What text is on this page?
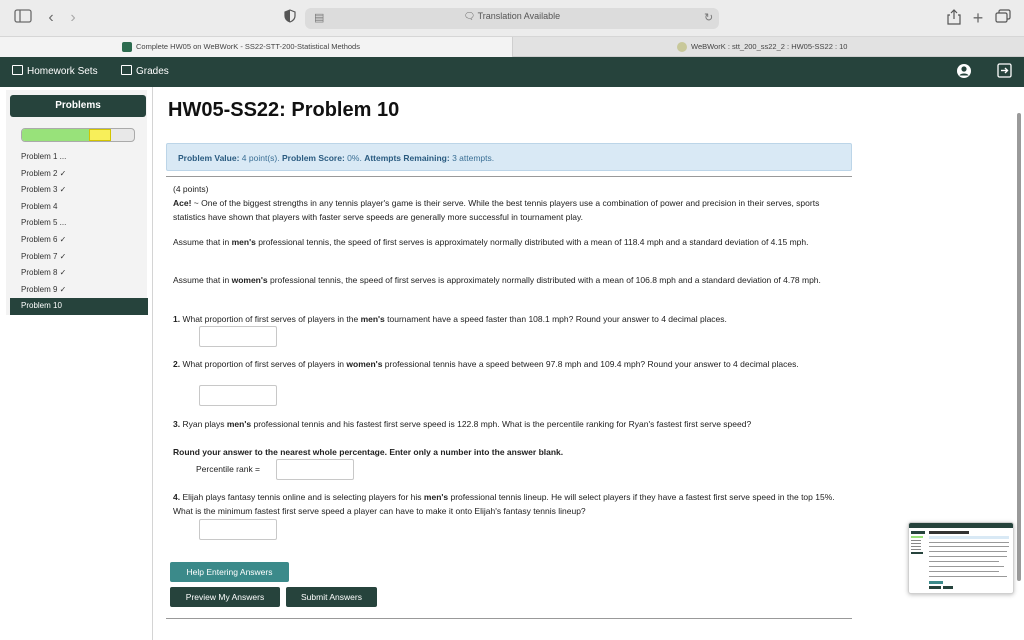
‹	›	▤	🗨 Translation Available	↻	+
Complete HW05 on WeBWorK - SS22-STT-200-Statistical Methods	WeBWorK : stt_200_ss22_2 : HW05-SS22 : 10
Homework Sets	Grades
Problems
Problem 1 ...
Problem 2 ✓
Problem 3 ✓
Problem 4
Problem 5 ...
Problem 6 ✓
Problem 7 ✓
Problem 8 ✓
Problem 9 ✓
Problem 10
HW05-SS22: Problem 10
Problem Value: 4 point(s). Problem Score: 0%. Attempts Remaining: 3 attempts.
(4 points)
Ace! ~ One of the biggest strengths in any tennis player's game is their serve. While the best tennis players use a combination of power and precision in their serves, sports statistics have shown that players with faster serve speeds are generally more successful in tournament play.
Assume that in men's professional tennis, the speed of first serves is approximately normally distributed with a mean of 118.4 mph and a standard deviation of 4.15 mph.
Assume that in women's professional tennis, the speed of first serves is approximately normally distributed with a mean of 106.8 mph and a standard deviation of 4.78 mph.
1. What proportion of first serves of players in the men's tournament have a speed faster than 108.1 mph? Round your answer to 4 decimal places.
2. What proportion of first serves of players in women's professional tennis have a speed between 97.8 mph and 109.4 mph? Round your answer to 4 decimal places.
3. Ryan plays men's professional tennis and his fastest first serve speed is 122.8 mph. What is the percentile ranking for Ryan's fastest first serve speed?
Round your answer to the nearest whole percentage. Enter only a number into the answer blank.
Percentile rank =
4. Elijah plays fantasy tennis online and is selecting players for his men's professional tennis lineup. He will select players if they have a fastest first serve speed in the top 15%. What is the minimum fastest first serve speed a player can have to make it onto Elijah's fantasy tennis lineup?
Help Entering Answers
Preview My Answers	Submit Answers
